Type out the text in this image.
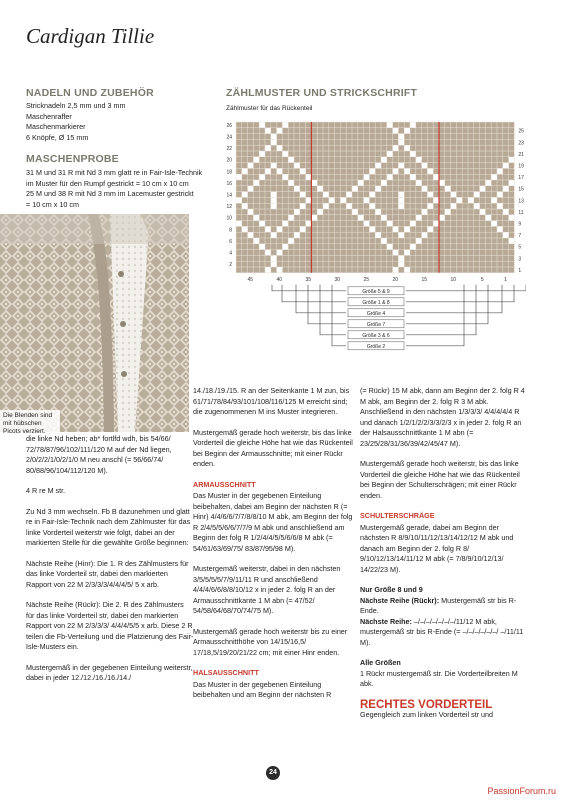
Cardigan Tillie
NADELN UND ZUBEHÖR
Stricknadeln 2,5 mm und 3 mm
Maschenraffer
Maschenmarkierer
6 Knöpfe, Ø 15 mm
MASCHENPROBE
31 M und 31 R mit Nd 3 mm glatt re in Fair-Isle-Technik
im Muster für den Rumpf gestrickt = 10 cm x 10 cm
25 M und 38 R mit Nd 3 mm im Lacemuster gestrickt
= 10 cm x 10 cm
ZÄHLMUSTER UND STRICKSCHRIFT
Zählmuster für das Rückenteil
26
24
22
20
18
16
14
12
10
8
6
4
2
25
23
21
19
17
15
13
11
9
7
5
3
1
45	40	35	30	25	20	15	10	5	1
Größe 5 & 9
Größe 1 & 8
Größe 4
Größe 7
Größe 3 & 6
Größe 2
Die Blenden sind mit hübschen Picots verziert.

die linke Nd heben; ab* fortlfd wdh, bis 54/66/ 72/78/87/96/102/111/120 M auf der Nd liegen, 2/0/2/2/1/0/2/1/0 M neu anschl (= 56/66/74/ 80/88/96/104/112/120 M).

4 R re M str.

Zu Nd 3 mm wechseln. Fb B dazunehmen und glatt re in Fair-Isle-Technik nach dem Zählmuster für das linke Vorderteil weiterstr wie folgt, dabei an der markierten Stelle für die gewählte Größe beginnen:

Nächste Reihe (Hinr): Die 1. R des Zählmusters für das linke Vorderteil str, dabei den markierten Rapport von 22 M 2/3/3/3/4/4/4/5/ 5 x arb.

Nächste Reihe (Rückr): Die 2. R des Zählmusters für das linke Vorderteil str, dabei den markierten Rapport von 22 M 2/3/3/3/ 4/4/4/5/5 x arb. Diese 2 R teilen die Fb-Verteilung und die Platzierung des Fair-Isle-Musters ein.

Mustergemäß in der gegebenen Einteilung weiterstr, dabei in jeder 12./12./16./16./14./

14./18./19./15. R an der Seitenkante 1 M zun, bis 61/71/78/84/93/101/108/116/125 M erreicht sind; die zugenommenen M ins Muster integrieren.

Mustergemäß gerade hoch weiterstr, bis das linke Vorderteil die gleiche Höhe hat wie das Rückenteil bei Beginn der Armausschnitte; mit einer Rückr enden.

ARMAUSSCHNITT

Das Muster in der gegebenen Einteilung beibehalten, dabei am Beginn der nächsten R (= Hinr) 4/4/6/6/7/7/8/8/10 M abk, am Beginn der folg R 2/4/5/5/6/6/7/7/9 M abk und anschließend am Beginn der folg R 1/2/4/4/5/5/6/6/8 M abk (= 54/61/63/69/75/ 83/87/95/98 M).

Mustergemäß weiterstr, dabei in den nächsten 3/5/5/5/5/7/9/11/11 R und anschließend 4/4/4/6/6/8/8/10/12 x in jeder 2. folg R an der Armausschnittkante 1 M abn (= 47/52/ 54/58/64/68/70/74/75 M).

Mustergemäß gerade hoch weiterstr bis zu einer Armausschnitthöhe von 14/15/16,5/ 17/18,5/19/20/21/22 cm; mit einer Hinr enden.

HALSAUSSCHNITT

Das Muster in der gegebenen Einteilung beibehalten und am Beginn der nächsten R

(= Rückr) 15 M abk, dann am Beginn der 2. folg R 4 M abk, am Beginn der 2. folg R 3 M abk. Anschließend in den nächsten 1/3/3/3/ 4/4/4/4/4 R und danach 1/2/1/2/2/3/3/2/3 x in jeder 2. folg R an der Halsausschnittkante 1 M abn (= 23/25/28/31/36/39/42/45/47 M).

Mustergemäß gerade hoch weiterstr, bis das linke Vorderteil die gleiche Höhe hat wie das Rückenteil bei Beginn der Schulterschrägen; mit einer Rückr enden.

SCHULTERSCHRÄGE

Mustergemäß gerade, dabei am Beginn der nächsten R 8/9/10/11/12/13/14/12/12 M abk und danach am Beginn der 2. folg R 8/ 9/10/12/13/14/11/12 M abk (= 7/8/9/10/12/13/ 14/22/23 M).

Nur Größe 8 und 9
Nächste Reihe (Rückr): Mustergemäß str bis R-Ende.

Nächste Reihe: –/–/–/–/–/–/–/11/12 M abk, mustergemäß str bis R-Ende (= –/–/–/–/–/–/ –/11/11 M).

Alle Größen

1 Rückr mustergemäß str. Die Vorderteilbreiten M abk.

RECHTES VORDERTEIL

Gegengleich zum linken Vorderteil str und

24
PassionForum.ru
